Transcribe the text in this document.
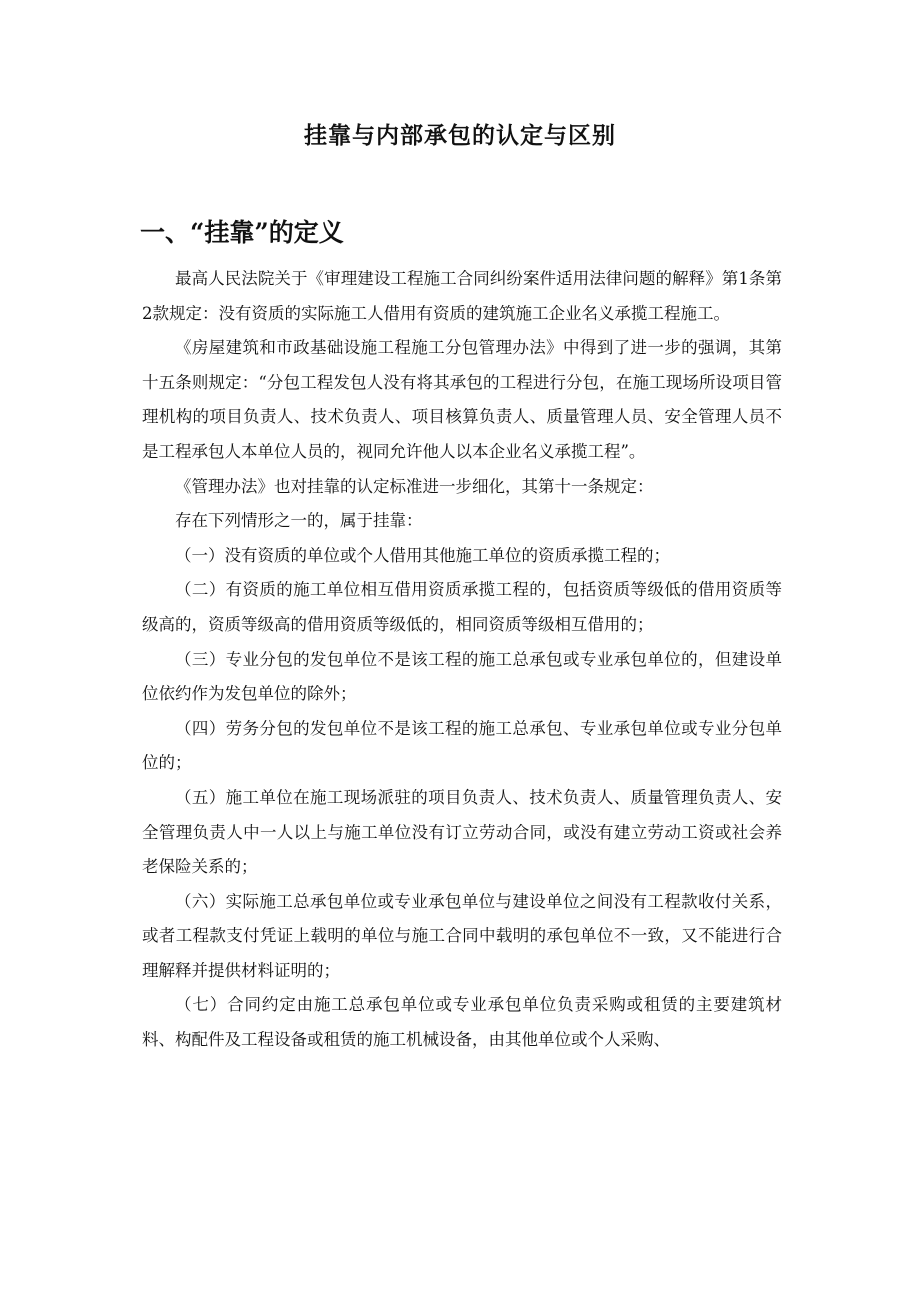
挂靠与内部承包的认定与区别
一、“挂靠”的定义

最高人民法院关于《审理建设工程施工合同纠纷案件适用法律问题的解释》第1条第2款规定：没有资质的实际施工人借用有资质的建筑施工企业名义承揽工程施工。

《房屋建筑和市政基础设施工程施工分包管理办法》中得到了进一步的强调，其第十五条则规定：“分包工程发包人没有将其承包的工程进行分包，在施工现场所设项目管理机构的项目负责人、技术负责人、项目核算负责人、质量管理人员、安全管理人员不是工程承包人本单位人员的，视同允许他人以本企业名义承揽工程”。

《管理办法》也对挂靠的认定标准进一步细化，其第十一条规定：

存在下列情形之一的，属于挂靠：

（一）没有资质的单位或个人借用其他施工单位的资质承揽工程的；

（二）有资质的施工单位相互借用资质承揽工程的，包括资质等级低的借用资质等级高的，资质等级高的借用资质等级低的，相同资质等级相互借用的；

（三）专业分包的发包单位不是该工程的施工总承包或专业承包单位的，但建设单位依约作为发包单位的除外；

（四）劳务分包的发包单位不是该工程的施工总承包、专业承包单位或专业分包单位的；

（五）施工单位在施工现场派驻的项目负责人、技术负责人、质量管理负责人、安全管理负责人中一人以上与施工单位没有订立劳动合同，或没有建立劳动工资或社会养老保险关系的；

（六）实际施工总承包单位或专业承包单位与建设单位之间没有工程款收付关系，或者工程款支付凭证上载明的单位与施工合同中载明的承包单位不一致，又不能进行合理解释并提供材料证明的；

（七）合同约定由施工总承包单位或专业承包单位负责采购或租赁的主要建筑材料、构配件及工程设备或租赁的施工机械设备，由其他单位或个人采购、
